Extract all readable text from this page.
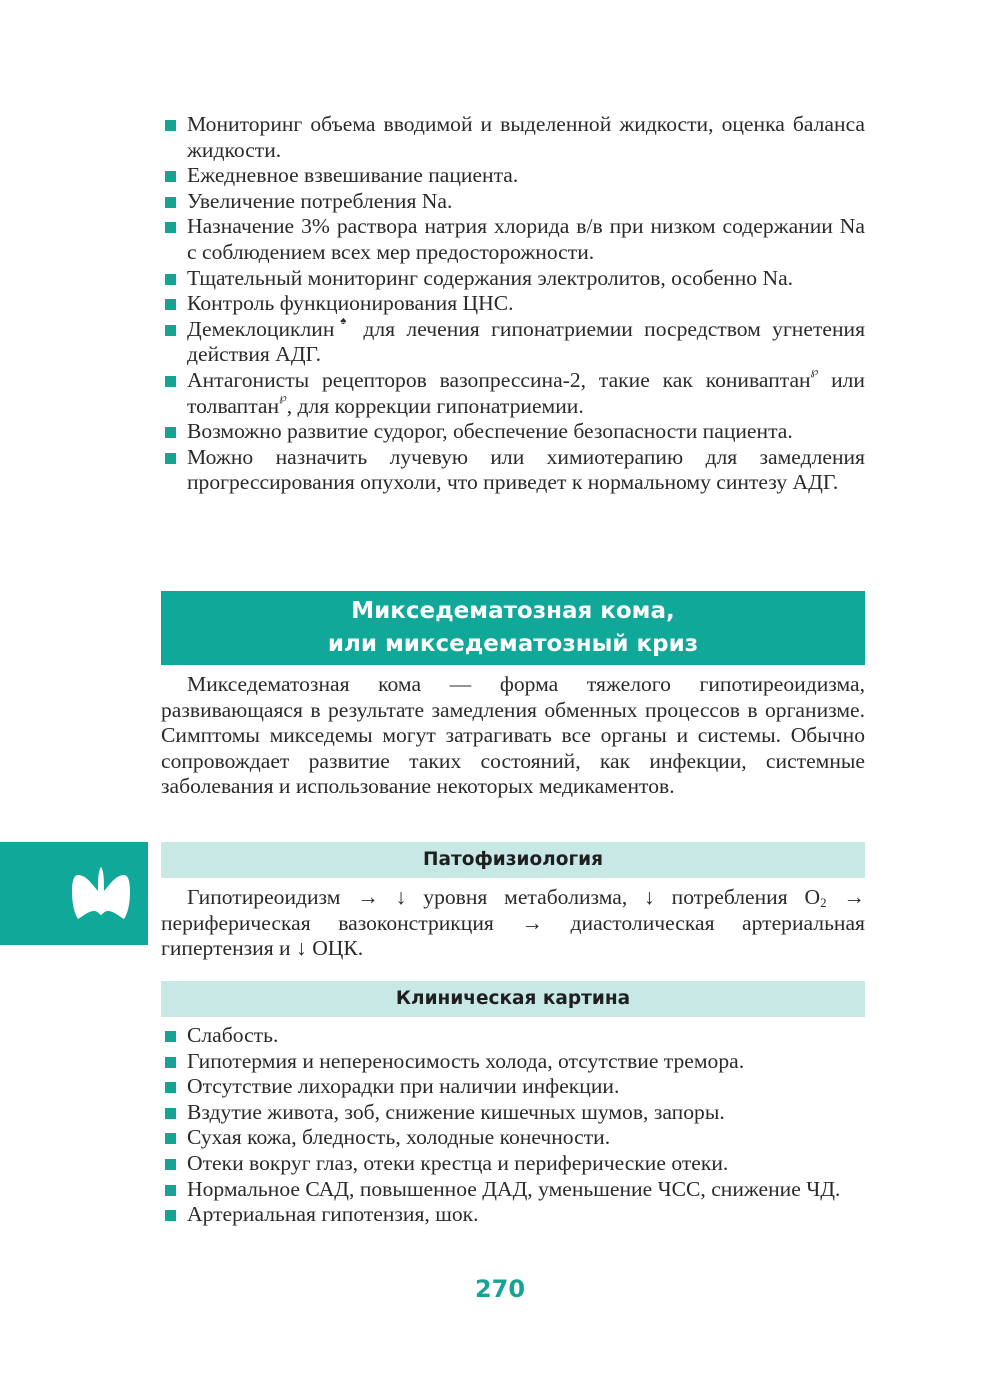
Мониторинг объема вводимой и выделенной жидкости, оценка баланса жидкости.
Ежедневное взвешивание пациента.
Увеличение потребления Na.
Назначение 3% раствора натрия хлорида в/в при низком содержании Na с соблюдением всех мер предосторожности.
Тщательный мониторинг содержания электролитов, особенно Na.
Контроль функционирования ЦНС.
Демеклоциклин♠ для лечения гипонатриемии посредством угнетения действия АДГ.
Антагонисты рецепторов вазопрессина-2, такие как кониваптан℘ или толваптан℘, для коррекции гипонатриемии.
Возможно развитие судорог, обеспечение безопасности пациента.
Можно назначить лучевую или химиотерапию для замедления прогрессирования опухоли, что приведет к нормальному синтезу АДГ.
Микседематозная кома,
или микседематозный криз

Микседематозная кома — форма тяжелого гипотиреоидизма, развивающаяся в результате замедления обменных процессов в организме. Симптомы микседемы могут затрагивать все органы и системы. Обычно сопровождает развитие таких состояний, как инфекции, системные заболевания и использование некоторых медикаментов.

Патофизиология

Гипотиреоидизм → ↓ уровня метаболизма, ↓ потребления $O_2$ → периферическая вазоконстрикция → диастолическая артериальная гипертензия и ↓ ОЦК.

Клиническая картина
Слабость.
Гипотермия и непереносимость холода, отсутствие тремора.
Отсутствие лихорадки при наличии инфекции.
Вздутие живота, зоб, снижение кишечных шумов, запоры.
Сухая кожа, бледность, холодные конечности.
Отеки вокруг глаз, отеки крестца и периферические отеки.
Нормальное САД, повышенное ДАД, уменьшение ЧСС, снижение ЧД.
Артериальная гипотензия, шок.
270
